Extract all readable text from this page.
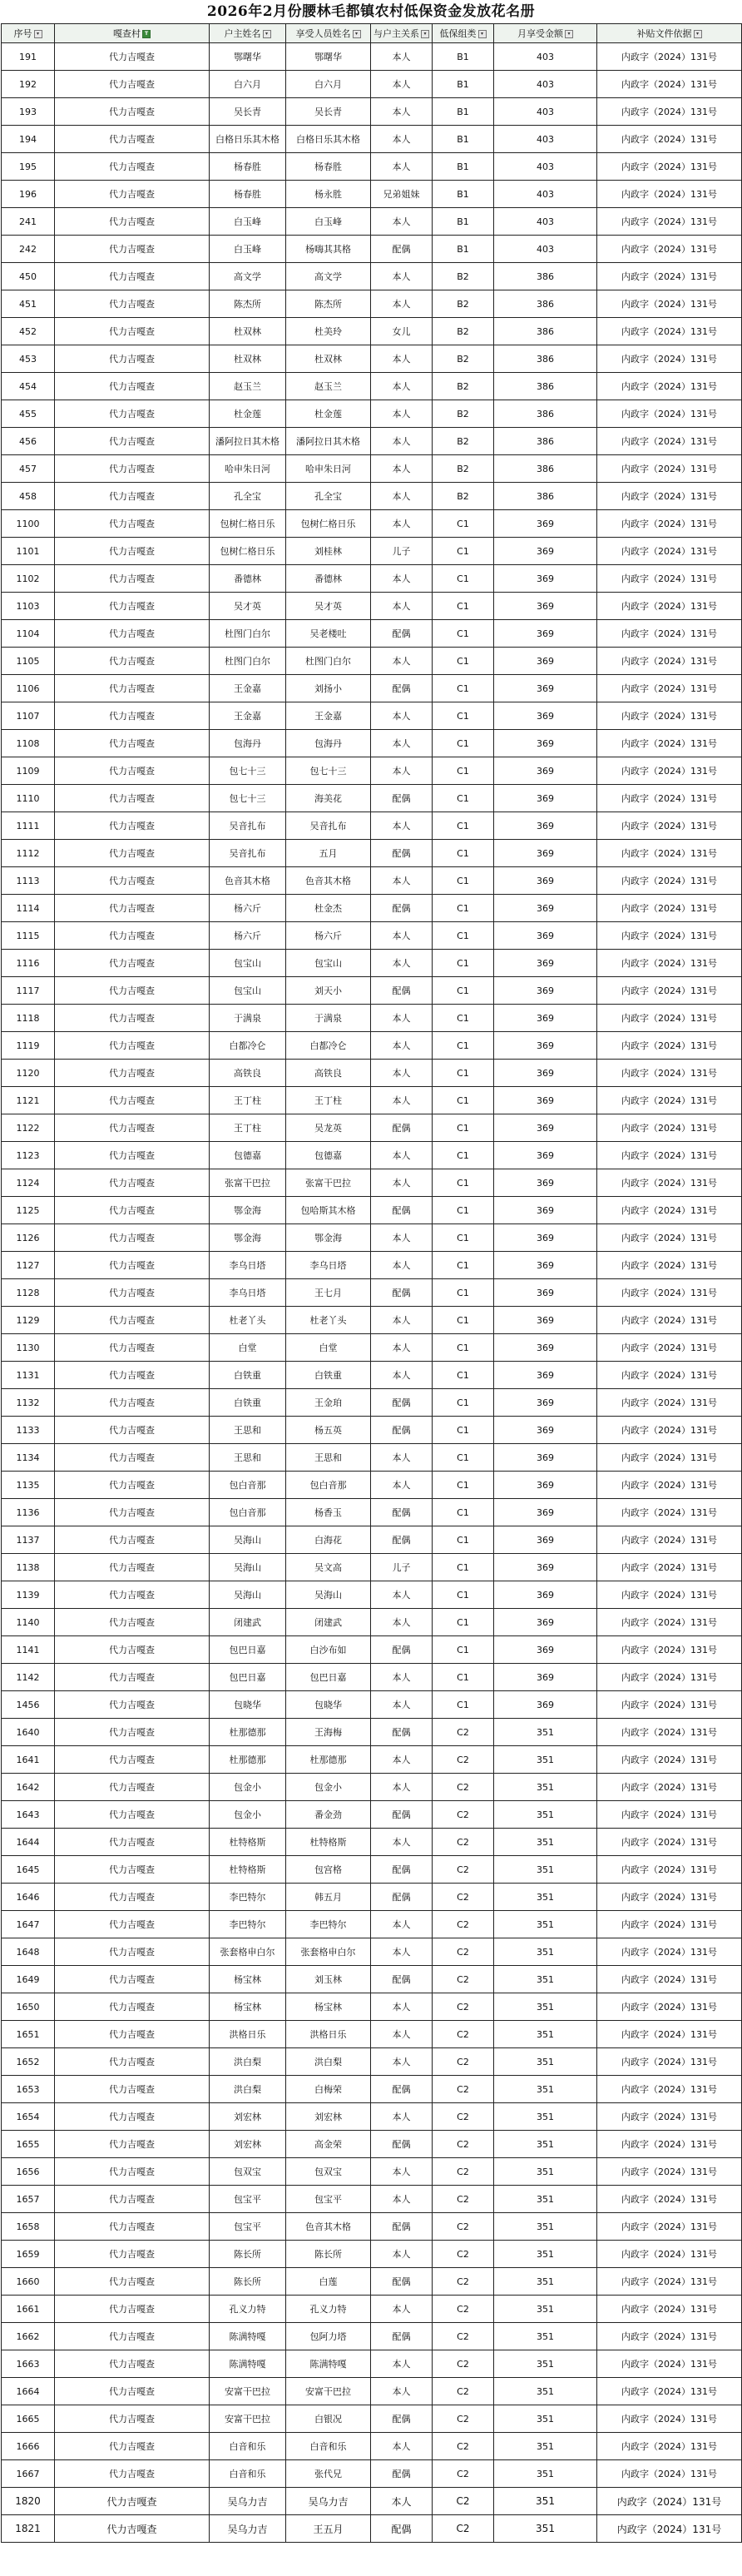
2026年2月份腰林毛都镇农村低保资金发放花名册
序号▾	嘎查村T	户主姓名▾	享受人员姓名▾	与户主关系▾	低保组类▾	月享受金额▾	补贴文件依据▾
191	代力吉嘎查	鄂曙华	鄂曙华	本人	B1	403	内政字（2024）131号
192	代力吉嘎查	白六月	白六月	本人	B1	403	内政字（2024）131号
193	代力吉嘎查	吴长青	吴长青	本人	B1	403	内政字（2024）131号
194	代力吉嘎查	白格日乐其木格	白格日乐其木格	本人	B1	403	内政字（2024）131号
195	代力吉嘎查	杨春胜	杨春胜	本人	B1	403	内政字（2024）131号
196	代力吉嘎查	杨春胜	杨永胜	兄弟姐妹	B1	403	内政字（2024）131号
241	代力吉嘎查	白玉峰	白玉峰	本人	B1	403	内政字（2024）131号
242	代力吉嘎查	白玉峰	杨嗨其其格	配偶	B1	403	内政字（2024）131号
450	代力吉嘎查	高文学	高文学	本人	B2	386	内政字（2024）131号
451	代力吉嘎查	陈杰所	陈杰所	本人	B2	386	内政字（2024）131号
452	代力吉嘎查	杜双林	杜美玲	女儿	B2	386	内政字（2024）131号
453	代力吉嘎查	杜双林	杜双林	本人	B2	386	内政字（2024）131号
454	代力吉嘎查	赵玉兰	赵玉兰	本人	B2	386	内政字（2024）131号
455	代力吉嘎查	杜金莲	杜金莲	本人	B2	386	内政字（2024）131号
456	代力吉嘎查	潘阿拉日其木格	潘阿拉日其木格	本人	B2	386	内政字（2024）131号
457	代力吉嘎查	哈申朱日河	哈申朱日河	本人	B2	386	内政字（2024）131号
458	代力吉嘎查	孔全宝	孔全宝	本人	B2	386	内政字（2024）131号
1100	代力吉嘎查	包树仁格日乐	包树仁格日乐	本人	C1	369	内政字（2024）131号
1101	代力吉嘎查	包树仁格日乐	刘桂林	儿子	C1	369	内政字（2024）131号
1102	代力吉嘎查	番德林	番德林	本人	C1	369	内政字（2024）131号
1103	代力吉嘎查	吴才英	吴才英	本人	C1	369	内政字（2024）131号
1104	代力吉嘎查	杜图门白尔	吴老楼吐	配偶	C1	369	内政字（2024）131号
1105	代力吉嘎查	杜图门白尔	杜图门白尔	本人	C1	369	内政字（2024）131号
1106	代力吉嘎查	王金嘉	刘扬小	配偶	C1	369	内政字（2024）131号
1107	代力吉嘎查	王金嘉	王金嘉	本人	C1	369	内政字（2024）131号
1108	代力吉嘎查	包海丹	包海丹	本人	C1	369	内政字（2024）131号
1109	代力吉嘎查	包七十三	包七十三	本人	C1	369	内政字（2024）131号
1110	代力吉嘎查	包七十三	海美花	配偶	C1	369	内政字（2024）131号
1111	代力吉嘎查	吴音扎布	吴音扎布	本人	C1	369	内政字（2024）131号
1112	代力吉嘎查	吴音扎布	五月	配偶	C1	369	内政字（2024）131号
1113	代力吉嘎查	色音其木格	色音其木格	本人	C1	369	内政字（2024）131号
1114	代力吉嘎查	杨六斤	杜金杰	配偶	C1	369	内政字（2024）131号
1115	代力吉嘎查	杨六斤	杨六斤	本人	C1	369	内政字（2024）131号
1116	代力吉嘎查	包宝山	包宝山	本人	C1	369	内政字（2024）131号
1117	代力吉嘎查	包宝山	刘天小	配偶	C1	369	内政字（2024）131号
1118	代力吉嘎查	于满泉	于满泉	本人	C1	369	内政字（2024）131号
1119	代力吉嘎查	白都冷仑	白都冷仑	本人	C1	369	内政字（2024）131号
1120	代力吉嘎查	高铁良	高铁良	本人	C1	369	内政字（2024）131号
1121	代力吉嘎查	王丁柱	王丁柱	本人	C1	369	内政字（2024）131号
1122	代力吉嘎查	王丁柱	吴龙英	配偶	C1	369	内政字（2024）131号
1123	代力吉嘎查	包德嘉	包德嘉	本人	C1	369	内政字（2024）131号
1124	代力吉嘎查	张富干巴拉	张富干巴拉	本人	C1	369	内政字（2024）131号
1125	代力吉嘎查	鄂金海	包哈斯其木格	配偶	C1	369	内政字（2024）131号
1126	代力吉嘎查	鄂金海	鄂金海	本人	C1	369	内政字（2024）131号
1127	代力吉嘎查	李乌日塔	李乌日塔	本人	C1	369	内政字（2024）131号
1128	代力吉嘎查	李乌日塔	王七月	配偶	C1	369	内政字（2024）131号
1129	代力吉嘎查	杜老丫头	杜老丫头	本人	C1	369	内政字（2024）131号
1130	代力吉嘎查	白堂	白堂	本人	C1	369	内政字（2024）131号
1131	代力吉嘎查	白铁重	白铁重	本人	C1	369	内政字（2024）131号
1132	代力吉嘎查	白铁重	王金珀	配偶	C1	369	内政字（2024）131号
1133	代力吉嘎查	王思和	杨五英	配偶	C1	369	内政字（2024）131号
1134	代力吉嘎查	王思和	王思和	本人	C1	369	内政字（2024）131号
1135	代力吉嘎查	包白音那	包白音那	本人	C1	369	内政字（2024）131号
1136	代力吉嘎查	包白音那	杨香玉	配偶	C1	369	内政字（2024）131号
1137	代力吉嘎查	吴海山	白海花	配偶	C1	369	内政字（2024）131号
1138	代力吉嘎查	吴海山	吴文高	儿子	C1	369	内政字（2024）131号
1139	代力吉嘎查	吴海山	吴海山	本人	C1	369	内政字（2024）131号
1140	代力吉嘎查	闭建武	闭建武	本人	C1	369	内政字（2024）131号
1141	代力吉嘎查	包巴日嘉	白沙布如	配偶	C1	369	内政字（2024）131号
1142	代力吉嘎查	包巴日嘉	包巴日嘉	本人	C1	369	内政字（2024）131号
1456	代力吉嘎查	包晓华	包晓华	本人	C1	369	内政字（2024）131号
1640	代力吉嘎查	杜那德那	王海梅	配偶	C2	351	内政字（2024）131号
1641	代力吉嘎查	杜那德那	杜那德那	本人	C2	351	内政字（2024）131号
1642	代力吉嘎查	包金小	包金小	本人	C2	351	内政字（2024）131号
1643	代力吉嘎查	包金小	番金劲	配偶	C2	351	内政字（2024）131号
1644	代力吉嘎查	杜特格斯	杜特格斯	本人	C2	351	内政字（2024）131号
1645	代力吉嘎查	杜特格斯	包宫格	配偶	C2	351	内政字（2024）131号
1646	代力吉嘎查	李巴特尔	韩五月	配偶	C2	351	内政字（2024）131号
1647	代力吉嘎查	李巴特尔	李巴特尔	本人	C2	351	内政字（2024）131号
1648	代力吉嘎查	张套格申白尔	张套格申白尔	本人	C2	351	内政字（2024）131号
1649	代力吉嘎查	杨宝林	刘玉林	配偶	C2	351	内政字（2024）131号
1650	代力吉嘎查	杨宝林	杨宝林	本人	C2	351	内政字（2024）131号
1651	代力吉嘎查	洪格日乐	洪格日乐	本人	C2	351	内政字（2024）131号
1652	代力吉嘎查	洪白梨	洪白梨	本人	C2	351	内政字（2024）131号
1653	代力吉嘎查	洪白梨	白梅荣	配偶	C2	351	内政字（2024）131号
1654	代力吉嘎查	刘宏林	刘宏林	本人	C2	351	内政字（2024）131号
1655	代力吉嘎查	刘宏林	高金荣	配偶	C2	351	内政字（2024）131号
1656	代力吉嘎查	包双宝	包双宝	本人	C2	351	内政字（2024）131号
1657	代力吉嘎查	包宝平	包宝平	本人	C2	351	内政字（2024）131号
1658	代力吉嘎查	包宝平	色音其木格	配偶	C2	351	内政字（2024）131号
1659	代力吉嘎查	陈长所	陈长所	本人	C2	351	内政字（2024）131号
1660	代力吉嘎查	陈长所	白莲	配偶	C2	351	内政字（2024）131号
1661	代力吉嘎查	孔义力特	孔义力特	本人	C2	351	内政字（2024）131号
1662	代力吉嘎查	陈满特嘎	包阿力塔	配偶	C2	351	内政字（2024）131号
1663	代力吉嘎查	陈满特嘎	陈满特嘎	本人	C2	351	内政字（2024）131号
1664	代力吉嘎查	安富干巴拉	安富干巴拉	本人	C2	351	内政字（2024）131号
1665	代力吉嘎查	安富干巴拉	白银况	配偶	C2	351	内政字（2024）131号
1666	代力吉嘎查	白音和乐	白音和乐	本人	C2	351	内政字（2024）131号
1667	代力吉嘎查	白音和乐	张代兄	配偶	C2	351	内政字（2024）131号
1820	代力吉嘎查	吴乌力吉	吴乌力吉	本人	C2	351	内政字（2024）131号
1821	代力吉嘎查	吴乌力吉	王五月	配偶	C2	351	内政字（2024）131号
